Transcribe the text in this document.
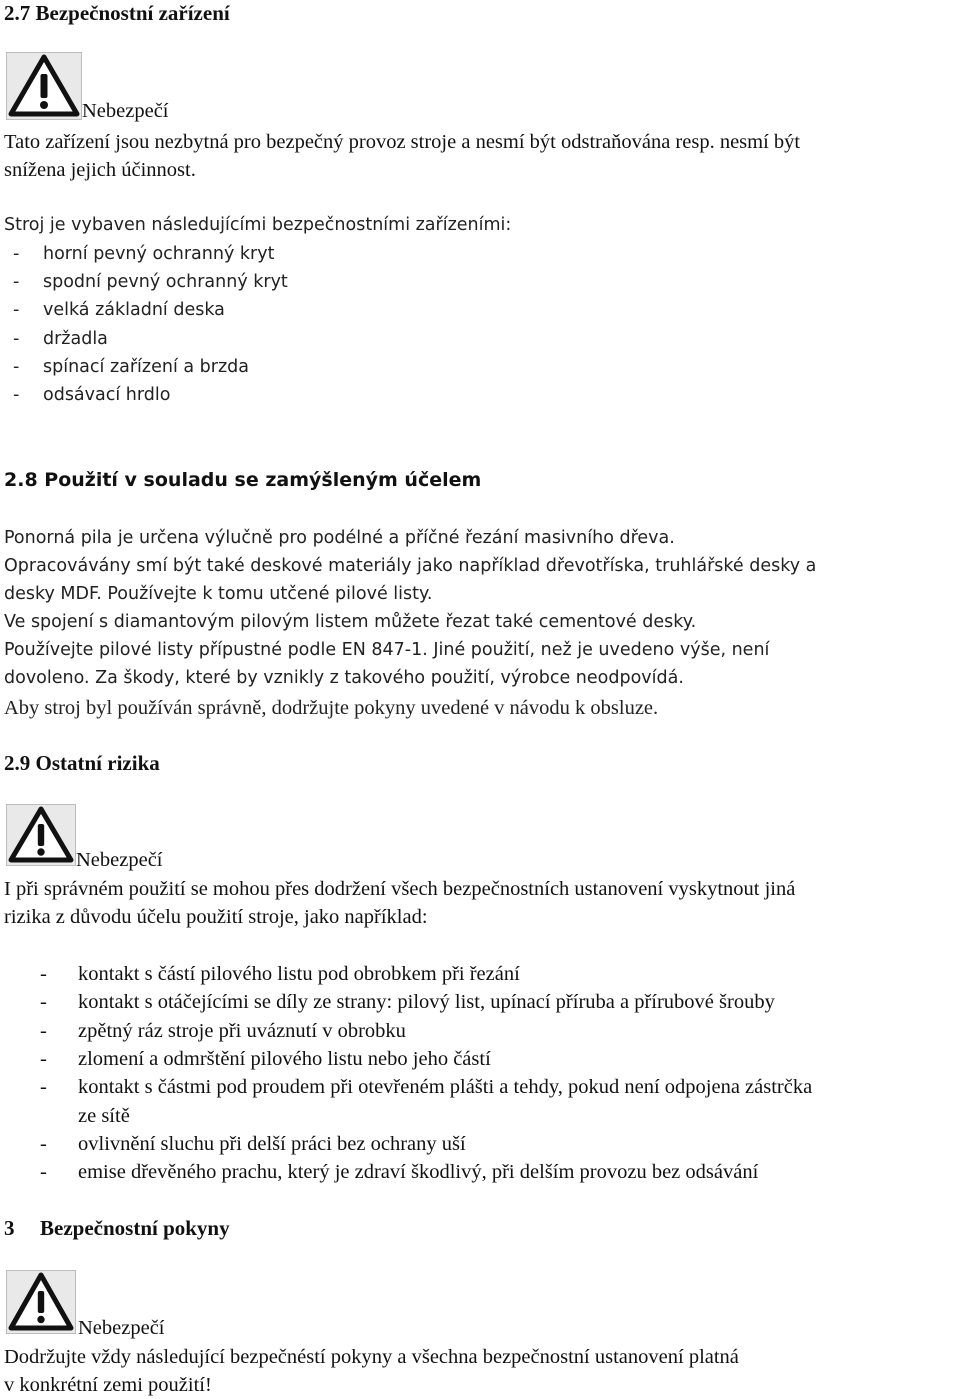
2.7 Bezpečnostní zařízení
Nebezpečí
Tato zařízení jsou nezbytná pro bezpečný provoz stroje a nesmí být odstraňována resp. nesmí být
snížena jejich účinnost.
Stroj je vybaven následujícími bezpečnostními zařízeními:
- horní pevný ochranný kryt
- spodní pevný ochranný kryt
- velká základní deska
- držadla
- spínací zařízení a brzda
- odsávací hrdlo
2.8 Použití v souladu se zamýšleným účelem
Ponorná pila je určena výlučně pro podélné a příčné řezání masivního dřeva.
Opracovávány smí být také deskové materiály jako například dřevotříska, truhlářské desky a
desky MDF. Používejte k tomu utčené pilové listy.
Ve spojení s diamantovým pilovým listem můžete řezat také cementové desky.
Používejte pilové listy přípustné podle EN 847-1. Jiné použití, než je uvedeno výše, není
dovoleno. Za škody, které by vznikly z takového použití, výrobce neodpovídá.
Aby stroj byl používán správně, dodržujte pokyny uvedené v návodu k obsluze.
2.9 Ostatní rizika
Nebezpečí
I při správném použití se mohou přes dodržení všech bezpečnostních ustanovení vyskytnout jiná
rizika z důvodu účelu použití stroje, jako například:
- kontakt s částí pilového listu pod obrobkem při řezání
- kontakt s otáčejícími se díly ze strany: pilový list, upínací příruba a přírubové šrouby
- zpětný ráz stroje při uváznutí v obrobku
- zlomení a odmrštění pilového listu nebo jeho částí
- kontakt s částmi pod proudem při otevřeném plášti a tehdy, pokud není odpojena zástrčka
ze sítě
- ovlivnění sluchu při delší práci bez ochrany uší
- emise dřevěného prachu, který je zdraví škodlivý, při delším provozu bez odsávání
3 Bezpečnostní pokyny
Nebezpečí
Dodržujte vždy následující bezpečnéstí pokyny a všechna bezpečnostní ustanovení platná
v konkrétní zemi použití!
